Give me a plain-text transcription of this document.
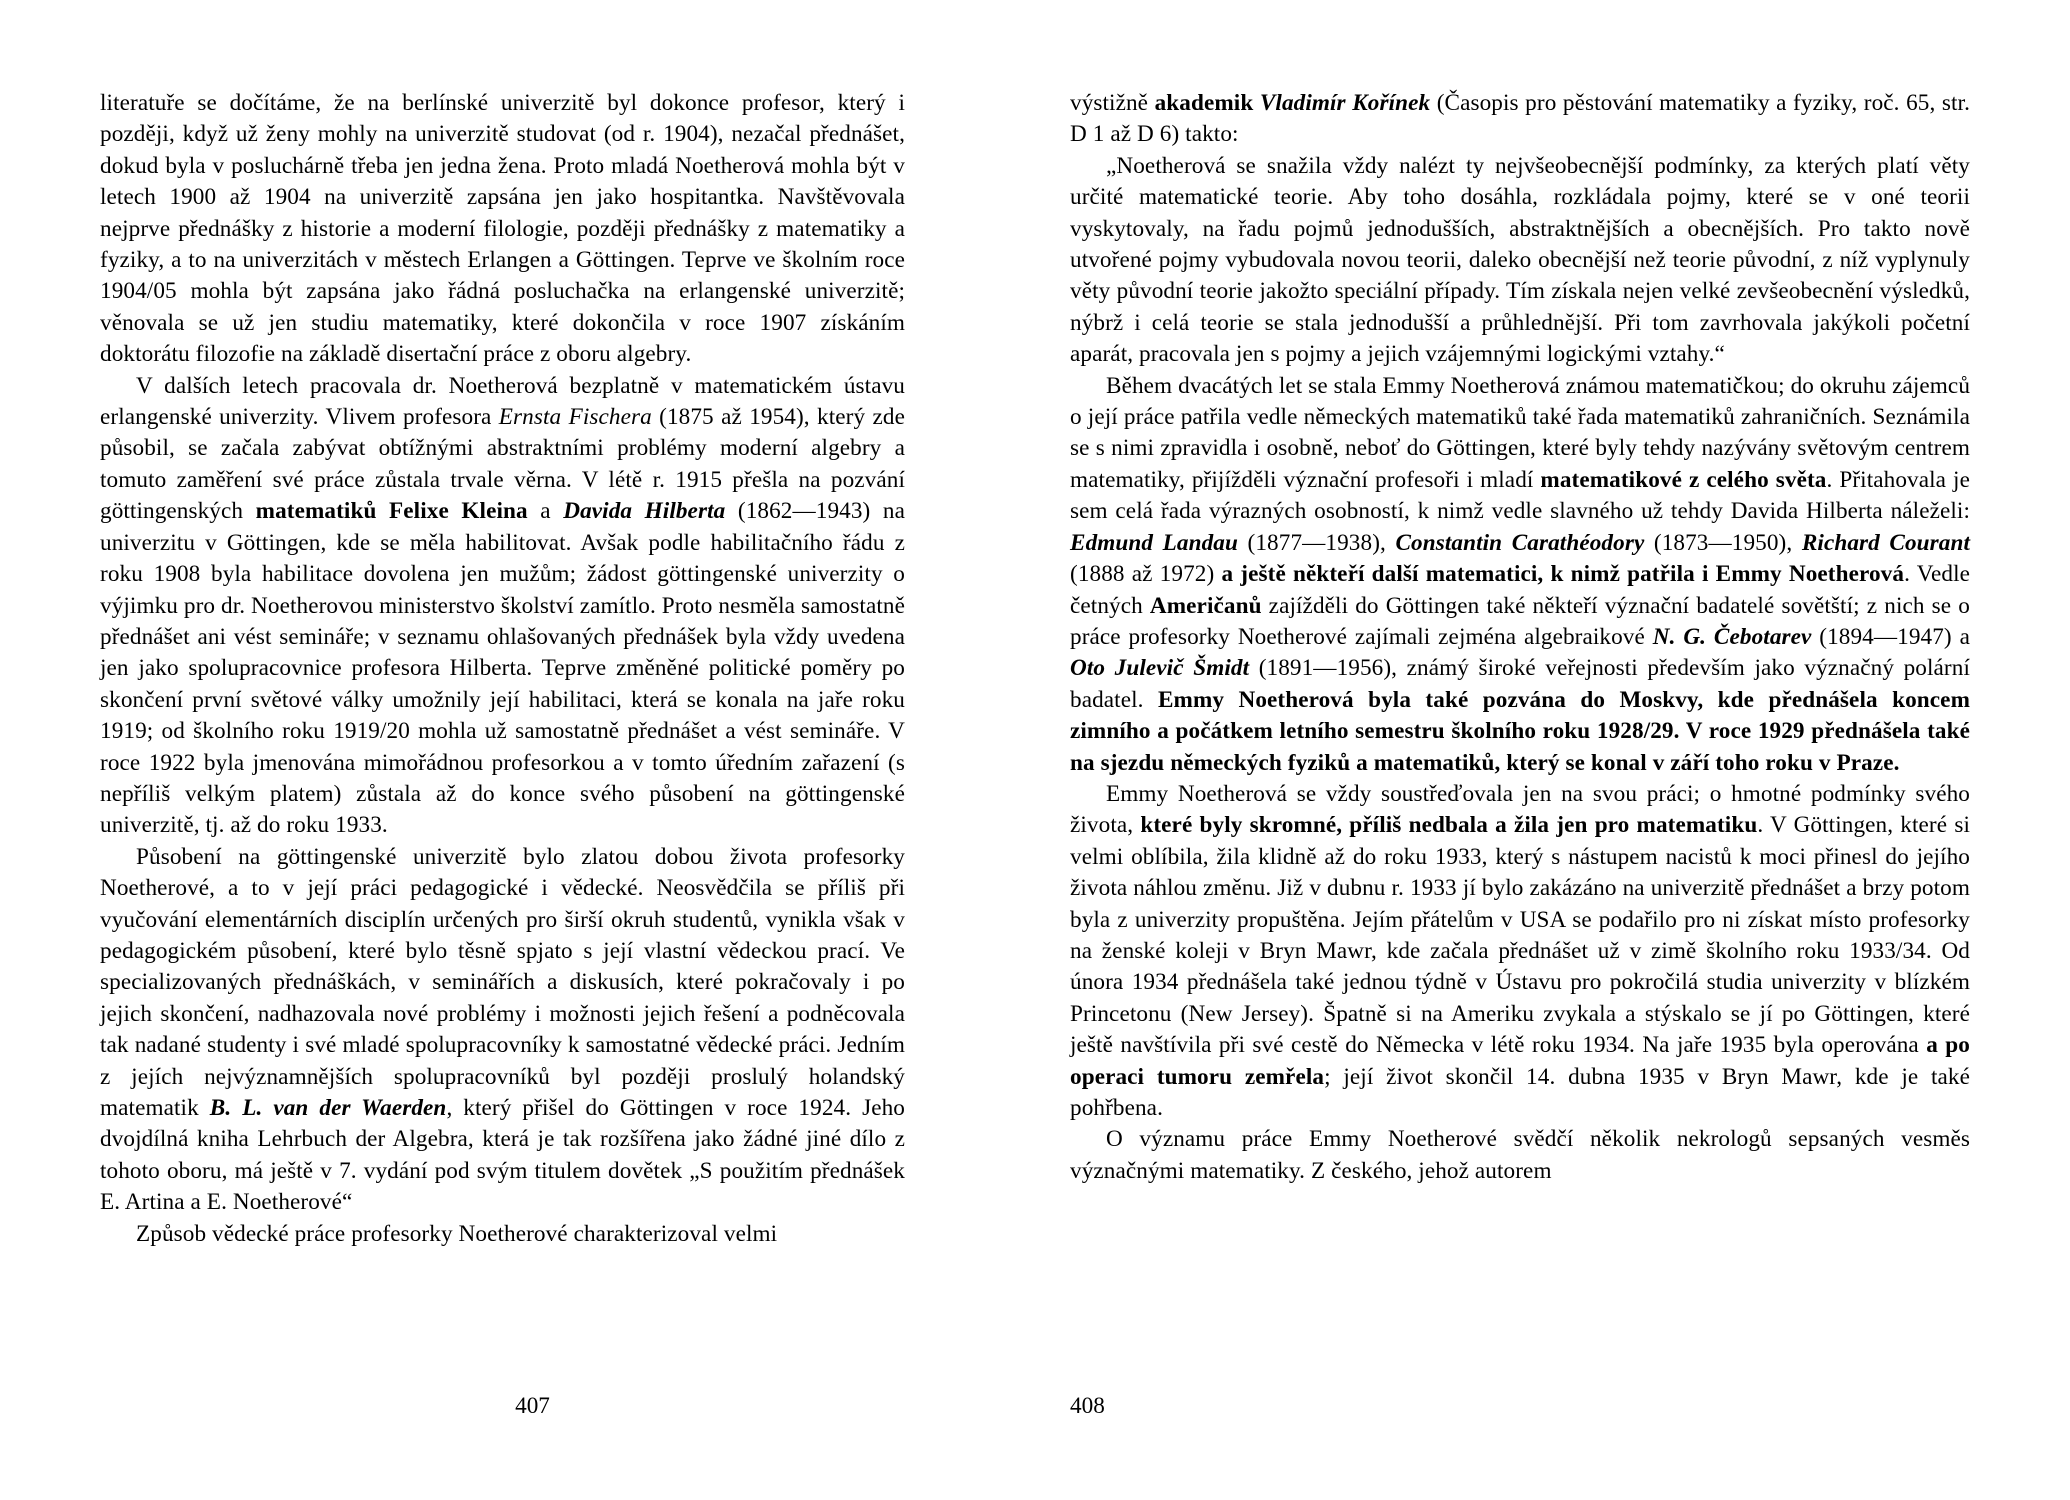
literatuře se dočítáme, že na berlínské univerzitě byl dokonce profesor, který i později, když už ženy mohly na univerzitě studovat (od r. 1904), nezačal přednášet, dokud byla v posluchárně třeba jen jedna žena. Proto mladá Noetherová mohla být v letech 1900 až 1904 na univerzitě zapsána jen jako hospitantka. Navštěvovala nejprve přednášky z historie a moderní filologie, později přednášky z matematiky a fyziky, a to na univerzitách v městech Erlangen a Göttingen. Teprve ve školním roce 1904/05 mohla být zapsána jako řádná posluchačka na erlangenské univerzitě; věnovala se už jen studiu matematiky, které dokončila v roce 1907 získáním doktorátu filozofie na základě disertační práce z oboru algebry.

V dalších letech pracovala dr. Noetherová bezplatně v matematickém ústavu erlangenské univerzity. Vlivem profesora Ernsta Fischera (1875 až 1954), který zde působil, se začala zabývat obtížnými abstraktními problémy moderní algebry a tomuto zaměření své práce zůstala trvale věrna. V létě r. 1915 přešla na pozvání göttingenských matematiků Felixe Kleina a Davida Hilberta (1862—1943) na univerzitu v Göttingen, kde se měla habilitovat. Avšak podle habilitačního řádu z roku 1908 byla habilitace dovolena jen mužům; žádost göttingenské univerzity o výjimku pro dr. Noetherovou ministerstvo školství zamítlo. Proto nesměla samostatně přednášet ani vést semináře; v seznamu ohlašovaných přednášek byla vždy uvedena jen jako spolupracovnice profesora Hilberta. Teprve změněné politické poměry po skončení první světové války umožnily její habilitaci, která se konala na jaře roku 1919; od školního roku 1919/20 mohla už samostatně přednášet a vést semináře. V roce 1922 byla jmenována mimořádnou profesorkou a v tomto úředním zařazení (s nepříliš velkým platem) zůstala až do konce svého působení na göttingenské univerzitě, tj. až do roku 1933.

Působení na göttingenské univerzitě bylo zlatou dobou života profesorky Noetherové, a to v její práci pedagogické i vědecké. Neosvědčila se příliš při vyučování elementárních disciplín určených pro širší okruh studentů, vynikla však v pedagogickém působení, které bylo těsně spjato s její vlastní vědeckou prací. Ve specializovaných přednáškách, v seminářích a diskusích, které pokračovaly i po jejich skončení, nadhazovala nové problémy i možnosti jejich řešení a podněcovala tak nadané studenty i své mladé spolupracovníky k samostatné vědecké práci. Jedním z jejích nejvýznamnějších spolupracovníků byl později proslulý holandský matematik B. L. van der Waerden, který přišel do Göttingen v roce 1924. Jeho dvojdílná kniha Lehrbuch der Algebra, která je tak rozšířena jako žádné jiné dílo z tohoto oboru, má ještě v 7. vydání pod svým titulem dovětek „S použitím přednášek E. Artina a E. Noetherové“

Způsob vědecké práce profesorky Noetherové charakterizoval velmi

407

výstižně akademik Vladimír Kořínek (Časopis pro pěstování matematiky a fyziky, roč. 65, str. D 1 až D 6) takto:

„Noetherová se snažila vždy nalézt ty nejvšeobecnější podmínky, za kterých platí věty určité matematické teorie. Aby toho dosáhla, rozkládala pojmy, které se v oné teorii vyskytovaly, na řadu pojmů jednodušších, abstraktnějších a obecnějších. Pro takto nově utvořené pojmy vybudovala novou teorii, daleko obecnější než teorie původní, z níž vyplynuly věty původní teorie jakožto speciální případy. Tím získala nejen velké zevšeobecnění výsledků, nýbrž i celá teorie se stala jednodušší a průhlednější. Při tom zavrhovala jakýkoli početní aparát, pracovala jen s pojmy a jejich vzájemnými logickými vztahy.“

Během dvacátých let se stala Emmy Noetherová známou matematičkou; do okruhu zájemců o její práce patřila vedle německých matematiků také řada matematiků zahraničních. Seznámila se s nimi zpravidla i osobně, neboť do Göttingen, které byly tehdy nazývány světovým centrem matematiky, přijížděli význační profesoři i mladí matematikové z celého světa. Přitahovala je sem celá řada výrazných osobností, k nimž vedle slavného už tehdy Davida Hilberta náleželi: Edmund Landau (1877—1938), Constantin Carathéodory (1873—1950), Richard Courant (1888 až 1972) a ještě někteří další matematici, k nimž patřila i Emmy Noetherová. Vedle četných Američanů zajížděli do Göttingen také někteří význační badatelé sovětští; z nich se o práce profesorky Noetherové zajímali zejména algebraikové N. G. Čebotarev (1894—1947) a Oto Julevič Šmidt (1891—1956), známý široké veřejnosti především jako význačný polární badatel. Emmy Noetherová byla také pozvána do Moskvy, kde přednášela koncem zimního a počátkem letního semestru školního roku 1928/29. V roce 1929 přednášela také na sjezdu německých fyziků a matematiků, který se konal v září toho roku v Praze.

Emmy Noetherová se vždy soustřeďovala jen na svou práci; o hmotné podmínky svého života, které byly skromné, příliš nedbala a žila jen pro matematiku. V Göttingen, které si velmi oblíbila, žila klidně až do roku 1933, který s nástupem nacistů k moci přinesl do jejího života náhlou změnu. Již v dubnu r. 1933 jí bylo zakázáno na univerzitě přednášet a brzy potom byla z univerzity propuštěna. Jejím přátelům v USA se podařilo pro ni získat místo profesorky na ženské koleji v Bryn Mawr, kde začala přednášet už v zimě školního roku 1933/34. Od února 1934 přednášela také jednou týdně v Ústavu pro pokročilá studia univerzity v blízkém Princetonu (New Jersey). Špatně si na Ameriku zvykala a stýskalo se jí po Göttingen, které ještě navštívila při své cestě do Německa v létě roku 1934. Na jaře 1935 byla operována a po operaci tumoru zemřela; její život skončil 14. dubna 1935 v Bryn Mawr, kde je také pohřbena.

O významu práce Emmy Noetherové svědčí několik nekrologů sepsaných vesměs význačnými matematiky. Z českého, jehož autorem

408
